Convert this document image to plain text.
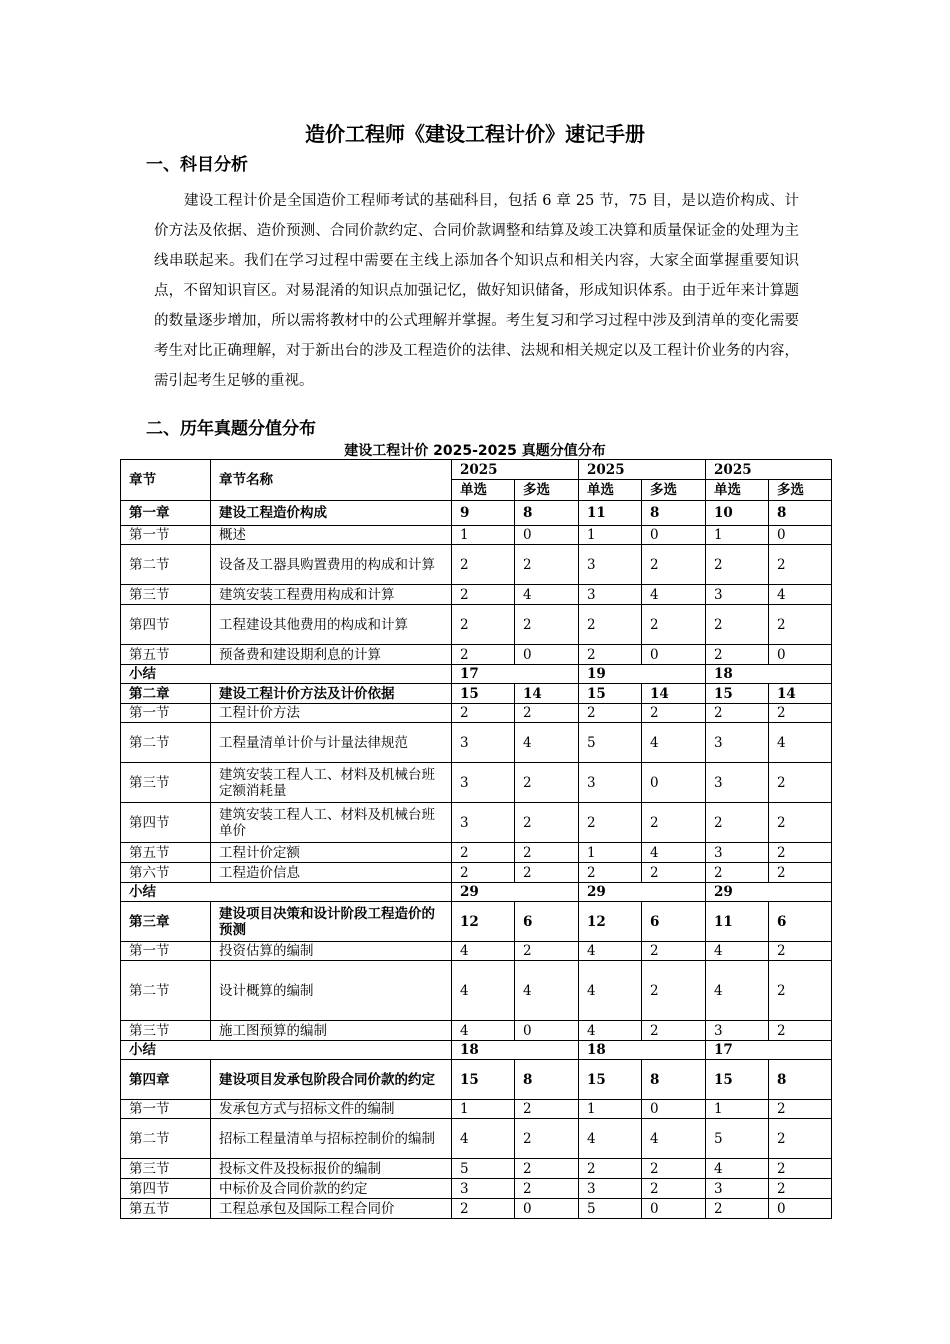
造价工程师《建设工程计价》速记手册
一、科目分析
建设工程计价是全国造价工程师考试的基础科目，包括 6 章 25 节，75 目，是以造价构成、计价方法及依据、造价预测、合同价款约定、合同价款调整和结算及竣工决算和质量保证金的处理为主线串联起来。我们在学习过程中需要在主线上添加各个知识点和相关内容，大家全面掌握重要知识点，不留知识盲区。对易混淆的知识点加强记忆，做好知识储备，形成知识体系。由于近年来计算题的数量逐步增加，所以需将教材中的公式理解并掌握。考生复习和学习过程中涉及到清单的变化需要考生对比正确理解，对于新出台的涉及工程造价的法律、法规和相关规定以及工程计价业务的内容，需引起考生足够的重视。
二、历年真题分值分布
建设工程计价 2025-2025 真题分值分布
章节	章节名称	2025		2025		2025	
		单选	多选	单选	多选	单选	多选
第一章	建设工程造价构成	9	8	11	8	10	8
第一节	概述	1	0	1	0	1	0
第二节	设备及工器具购置费用的构成和计算	2	2	3	2	2	2
第三节	建筑安装工程费用构成和计算	2	4	3	4	3	4
第四节	工程建设其他费用的构成和计算	2	2	2	2	2	2
第五节	预备费和建设期利息的计算	2	0	2	0	2	0
小结		17		19		18	
第二章	建设工程计价方法及计价依据	15	14	15	14	15	14
第一节	工程计价方法	2	2	2	2	2	2
第二节	工程量清单计价与计量法律规范	3	4	5	4	3	4
第三节	建筑安装工程人工、材料及机械台班定额消耗量	3	2	3	0	3	2
第四节	建筑安装工程人工、材料及机械台班单价	3	2	2	2	2	2
第五节	工程计价定额	2	2	1	4	3	2
第六节	工程造价信息	2	2	2	2	2	2
小结		29		29		29	
第三章	建设项目决策和设计阶段工程造价的预测	12	6	12	6	11	6
第一节	投资估算的编制	4	2	4	2	4	2
第二节	设计概算的编制	4	4	4	2	4	2
第三节	施工图预算的编制	4	0	4	2	3	2
小结		18		18		17	
第四章	建设项目发承包阶段合同价款的约定	15	8	15	8	15	8
第一节	发承包方式与招标文件的编制	1	2	1	0	1	2
第二节	招标工程量清单与招标控制价的编制	4	2	4	4	5	2
第三节	投标文件及投标报价的编制	5	2	2	2	4	2
第四节	中标价及合同价款的约定	3	2	3	2	3	2
第五节	工程总承包及国际工程合同价	2	0	5	0	2	0
